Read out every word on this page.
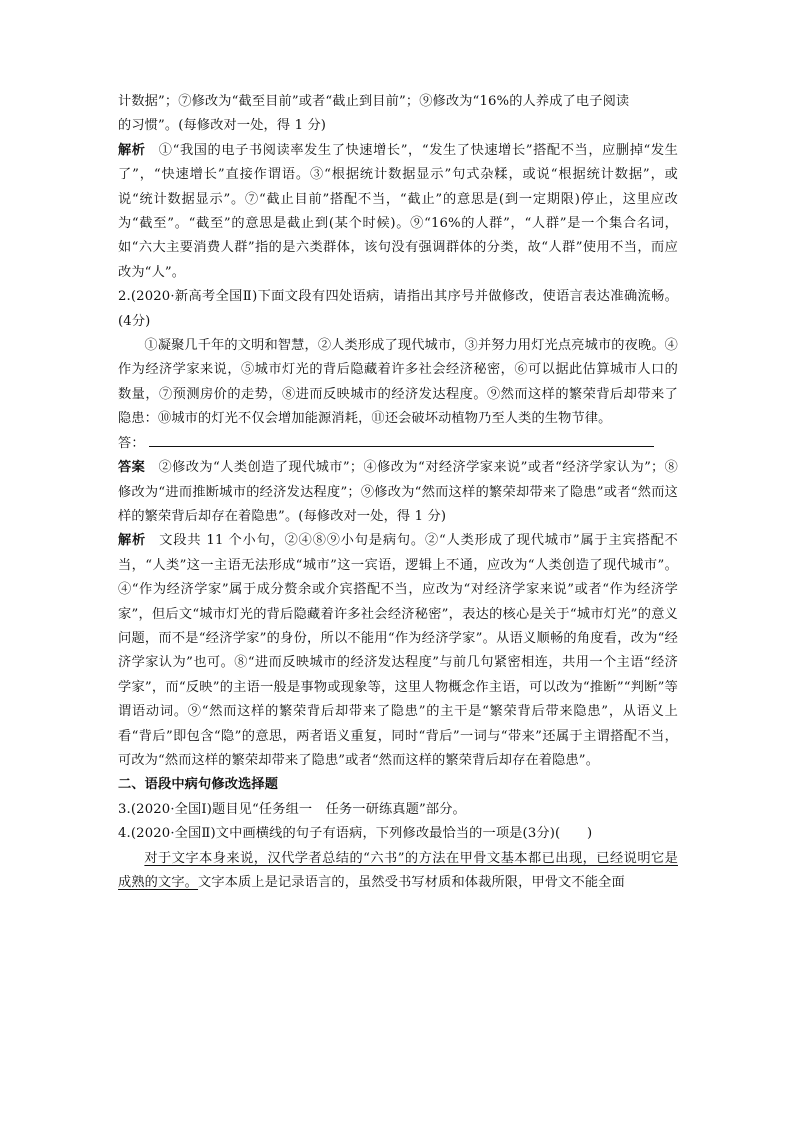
计数据”；⑦修改为“截至目前”或者“截止到目前”；⑨修改为“16%的人养成了电子阅读
的习惯”。(每修改对一处，得 1 分)

解析 ①“我国的电子书阅读率发生了快速增长”，“发生了快速增长”搭配不当，应删掉“发生了”，“快速增长”直接作谓语。③“根据统计数据显示”句式杂糅，或说“根据统计数据”，或说“统计数据显示”。⑦“截止目前”搭配不当，“截止”的意思是(到一定期限)停止，这里应改为“截至”。“截至”的意思是截止到(某个时候)。⑨“16%的人群”，“人群”是一个集合名词，如“六大主要消费人群”指的是六类群体，该句没有强调群体的分类，故“人群”使用不当，而应改为“人”。

2.(2020·新高考全国Ⅱ)下面文段有四处语病，请指出其序号并做修改，使语言表达准确流畅。(4分)

①凝聚几千年的文明和智慧，②人类形成了现代城市，③并努力用灯光点亮城市的夜晚。④作为经济学家来说，⑤城市灯光的背后隐藏着许多社会经济秘密，⑥可以据此估算城市人口的数量，⑦预测房价的走势，⑧进而反映城市的经济发达程度。⑨然而这样的繁荣背后却带来了隐患：⑩城市的灯光不仅会增加能源消耗，⑪还会破坏动植物乃至人类的生物节律。

答：

答案 ②修改为“人类创造了现代城市”；④修改为“对经济学家来说”或者“经济学家认为”；⑧修改为“进而推断城市的经济发达程度”；⑨修改为“然而这样的繁荣却带来了隐患”或者“然而这样的繁荣背后却存在着隐患”。(每修改对一处，得 1 分)

解析 文段共 11 个小句，②④⑧⑨小句是病句。②“人类形成了现代城市”属于主宾搭配不当，“人类”这一主语无法形成“城市”这一宾语，逻辑上不通，应改为“人类创造了现代城市”。④“作为经济学家”属于成分赘余或介宾搭配不当，应改为“对经济学家来说”或者“作为经济学家”，但后文“城市灯光的背后隐藏着许多社会经济秘密”，表达的核心是关于“城市灯光”的意义问题，而不是“经济学家”的身份，所以不能用“作为经济学家”。从语义顺畅的角度看，改为“经济学家认为”也可。⑧“进而反映城市的经济发达程度”与前几句紧密相连，共用一个主语“经济学家”，而“反映”的主语一般是事物或现象等，这里人物概念作主语，可以改为“推断”“判断”等谓语动词。⑨“然而这样的繁荣背后却带来了隐患”的主干是“繁荣背后带来隐患”，从语义上看“背后”即包含“隐”的意思，两者语义重复，同时“背后”一词与“带来”还属于主谓搭配不当，可改为“然而这样的繁荣却带来了隐患”或者“然而这样的繁荣背后却存在着隐患”。

二、语段中病句修改选择题

3.(2020·全国Ⅰ)题目见“任务组一　任务一研练真题”部分。

4.(2020·全国Ⅱ)文中画横线的句子有语病，下列修改最恰当的一项是(3分)(　　)

对于文字本身来说，汉代学者总结的“六书”的方法在甲骨文基本都已出现，已经说明它是成熟的文字。文字本质上是记录语言的，虽然受书写材质和体裁所限，甲骨文不能全面
